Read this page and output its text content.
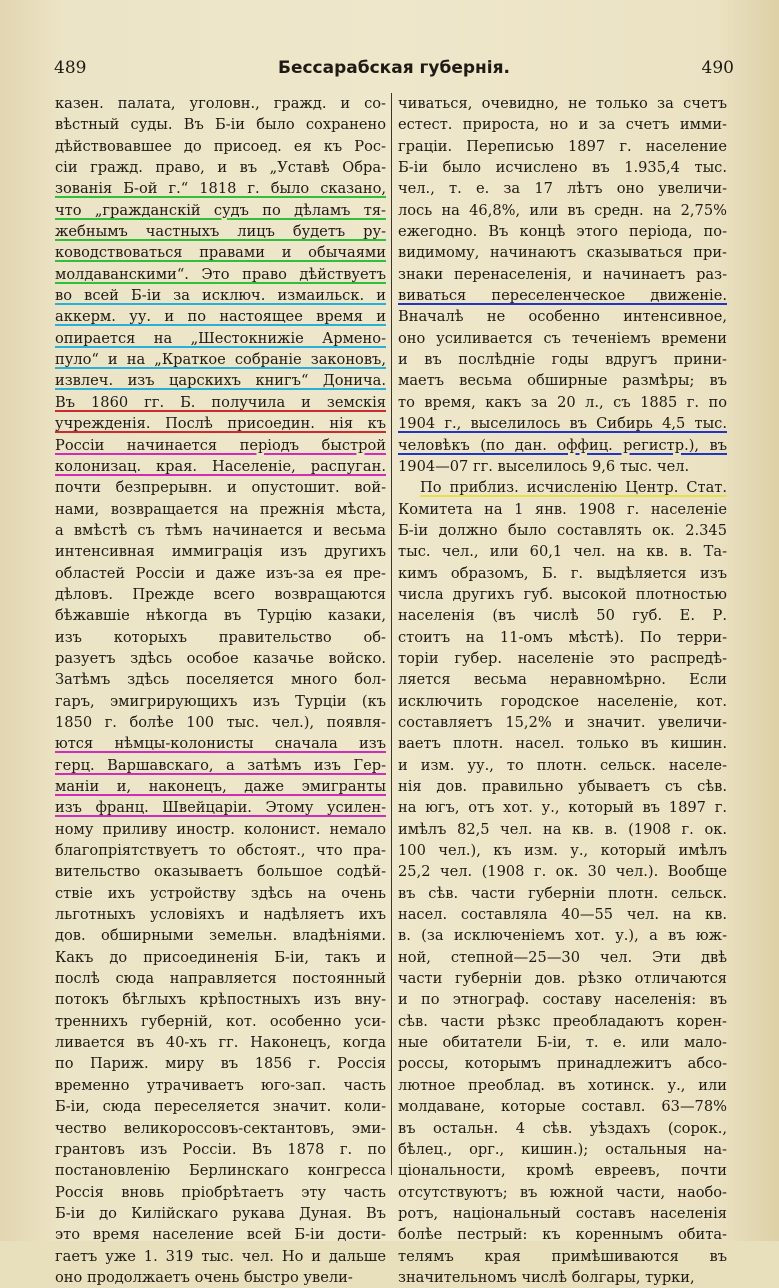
489	Бессарабская губернія.	490
казен. палата, уголовн., гражд. и со-
вѣстный суды. Въ Б-іи было сохранено
дѣйствовавшее до присоед. ея къ Рос-
сіи гражд. право, и въ „Уставѣ Обра-
зованія Б-ой г.“ 1818 г. было сказано,
что „гражданскій судъ по дѣламъ тя-
жебнымъ частныхъ лицъ будетъ ру-
ководствоваться правами и обычаями
молдаванскими“. Это право дѣйствуетъ
во всей Б-іи за исключ. измаильск. и
аккерм. уу. и по настоящее время и
опирается на „Шестокнижіе Армено-
пуло“ и на „Краткое собраніе законовъ,
извлеч. изъ царскихъ книгъ“ Донича.
Въ 1860 гг. Б. получила и земскія
учрежденія. Послѣ присоедин. нія къ
Россіи начинается періодъ быстрой
колонизац. края. Населеніе, распуган.
почти безпрерывн. и опустошит. вой-
нами, возвращается на прежнія мѣста,
а вмѣстѣ съ тѣмъ начинается и весьма
интенсивная иммиграція изъ другихъ
областей Россіи и даже изъ-за ея пре-
дѣловъ. Прежде всего возвращаются
бѣжавшіе нѣкогда въ Турцію казаки,
изъ которыхъ правительство об-
разуетъ здѣсь особое казачье войско.
Затѣмъ здѣсь поселяется много бол-
гаръ, эмигрирующихъ изъ Турціи (къ
1850 г. болѣе 100 тыс. чел.), появля-
ются нѣмцы-колонисты сначала изъ
герц. Варшавскаго, а затѣмъ изъ Гер-
маніи и, наконецъ, даже эмигранты
изъ франц. Швейцаріи. Этому усилен-
ному приливу иностр. колонист. немало
благопріятствуетъ то обстоят., что пра-
вительство оказываетъ большое содѣй-
ствіе ихъ устройству здѣсь на очень
льготныхъ условіяхъ и надѣляетъ ихъ
дов. обширными земельн. владѣніями.
Какъ до присоединенія Б-іи, такъ и
послѣ сюда направляется постоянный
потокъ бѣглыхъ крѣпостныхъ изъ вну-
треннихъ губерній, кот. особенно уси-
ливается въ 40-хъ гг. Наконецъ, когда
по Париж. миру въ 1856 г. Россія
временно утрачиваетъ юго-зап. часть
Б-іи, сюда переселяется значит. коли-
чество великороссовъ-сектантовъ, эми-
грантовъ изъ Россіи. Въ 1878 г. по
постановленію Берлинскаго конгресса
Россія вновь пріобрѣтаетъ эту часть
Б-іи до Килійскаго рукава Дуная. Въ
это время население всей Б-іи дости-
гаетъ уже 1. 319 тыс. чел. Но и дальше
оно продолжаетъ очень быстро увели-
чиваться, очевидно, не только за счетъ
естест. прироста, но и за счетъ имми-
граціи. Переписью 1897 г. население
Б-іи было исчислено въ 1.935,4 тыс.
чел., т. е. за 17 лѣтъ оно увеличи-
лось на 46,8%, или въ средн. на 2,75%
ежегодно. Въ концѣ этого періода, по-
видимому, начинаютъ сказываться при-
знаки перенаселенія, и начинаетъ раз-
виваться переселенческое движеніе.
Вначалѣ не особенно интенсивное,
оно усиливается съ теченіемъ времени
и въ послѣдніе годы вдругъ прини-
маетъ весьма обширные размѣры; въ
то время, какъ за 20 л., съ 1885 г. по
1904 г., выселилось въ Сибирь 4,5 тыс.
человѣкъ (по дан. оффиц. регистр.), въ
1904—07 гг. выселилось 9,6 тыс. чел.
По приблиз. исчисленію Центр. Стат.
Комитета на 1 янв. 1908 г. населеніе
Б-іи должно было составлять ок. 2.345
тыс. чел., или 60,1 чел. на кв. в. Та-
кимъ образомъ, Б. г. выдѣляется изъ
числа другихъ губ. высокой плотностью
населенія (въ числѣ 50 губ. Е. Р.
стоитъ на 11-омъ мѣстѣ). По терри-
торіи губер. населеніе это распредѣ-
ляется весьма неравномѣрно. Если
исключить городское населеніе, кот.
составляетъ 15,2% и значит. увеличи-
ваетъ плотн. насел. только въ кишин.
и изм. уу., то плотн. сельск. населе-
нія дов. правильно убываетъ съ сѣв.
на югъ, отъ хот. у., который въ 1897 г.
имѣлъ 82,5 чел. на кв. в. (1908 г. ок.
100 чел.), къ изм. у., который имѣлъ
25,2 чел. (1908 г. ок. 30 чел.). Вообще
въ сѣв. части губерніи плотн. сельск.
насел. составляла 40—55 чел. на кв.
в. (за исключеніемъ хот. у.), а въ юж-
ной, степной—25—30 чел. Эти двѣ
части губерніи дов. рѣзко отличаются
и по этнограф. составу населенія: въ
сѣв. части рѣзкс преобладаютъ корен-
ные обитатели Б-іи, т. е. или мало-
россы, которымъ принадлежитъ абсо-
лютное преоблад. въ хотинск. у., или
молдаване, которые составл. 63—78%
въ остальн. 4 сѣв. уѣздахъ (сорок.,
бѣлец., орг., кишин.); остальныя на-
ціональности, кромѣ евреевъ, почти
отсутствуютъ; въ южной части, наобо-
ротъ, національный составъ населенія
болѣе пестрый: къ кореннымъ обита-
телямъ края примѣшиваются въ
значительномъ числѣ болгары, турки,
